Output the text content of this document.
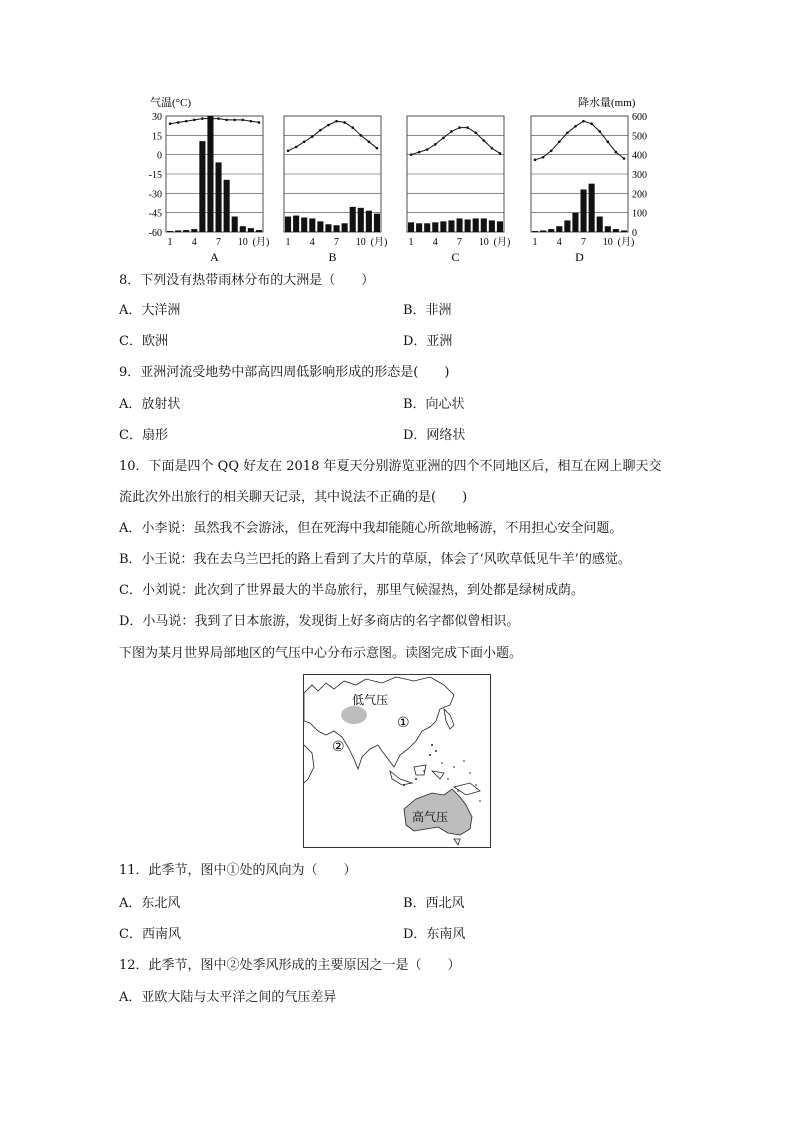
气温(°C)	降水量(mm)
30
15
0
-15
-30
-45
-60
600
500
400
300
200
100
0
1 4 7 10 (月)
A
1 4 7 10 (月)
B
1 4 7 10 (月)
C
1 4 7 10 (月)
D
8．下列没有热带雨林分布的大洲是（　　）
A．大洋洲	B．非洲
C．欧洲	D．亚洲
9．亚洲河流受地势中部高四周低影响形成的形态是(　　)
A．放射状	B．向心状
C．扇形	D．网络状
10．下面是四个 QQ 好友在 2018 年夏天分别游览亚洲的四个不同地区后，相互在网上聊天交
流此次外出旅行的相关聊天记录，其中说法不正确的是(　　)
A．小李说：虽然我不会游泳，但在死海中我却能随心所欲地畅游，不用担心安全问题。
B．小王说：我在去乌兰巴托的路上看到了大片的草原，体会了‘风吹草低见牛羊’的感觉。
C．小刘说：此次到了世界最大的半岛旅行，那里气候湿热，到处都是绿树成荫。
D．小马说：我到了日本旅游，发现街上好多商店的名字都似曾相识。
下图为某月世界局部地区的气压中心分布示意图。读图完成下面小题。
低气压
①
②
高气压
11．此季节，图中①处的风向为（　　）
A．东北风	B．西北风
C．西南风	D．东南风
12．此季节，图中②处季风形成的主要原因之一是（　　）
A．亚欧大陆与太平洋之间的气压差异
